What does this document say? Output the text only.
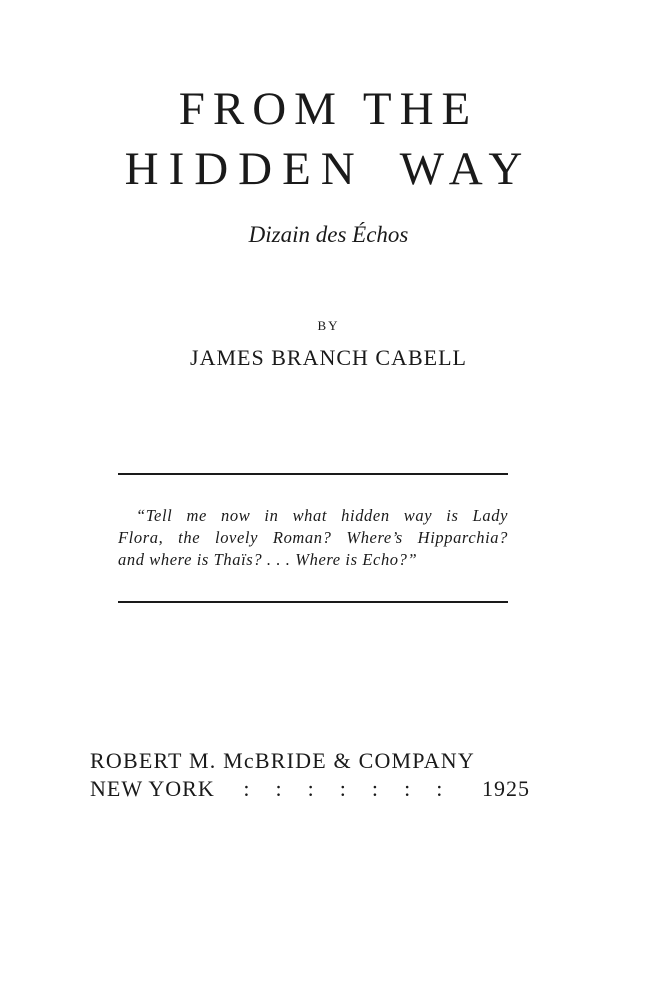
FROM THE
HIDDEN WAY
Dizain des Échos
BY
JAMES BRANCH CABELL
“Tell me now in what hidden way is Lady
Flora, the lovely Roman? Where’s Hipparchia?
and where is Thaïs? . . . Where is Echo?”
ROBERT M. McBRIDE & COMPANY
NEW YORK : : : : : : : 1925
